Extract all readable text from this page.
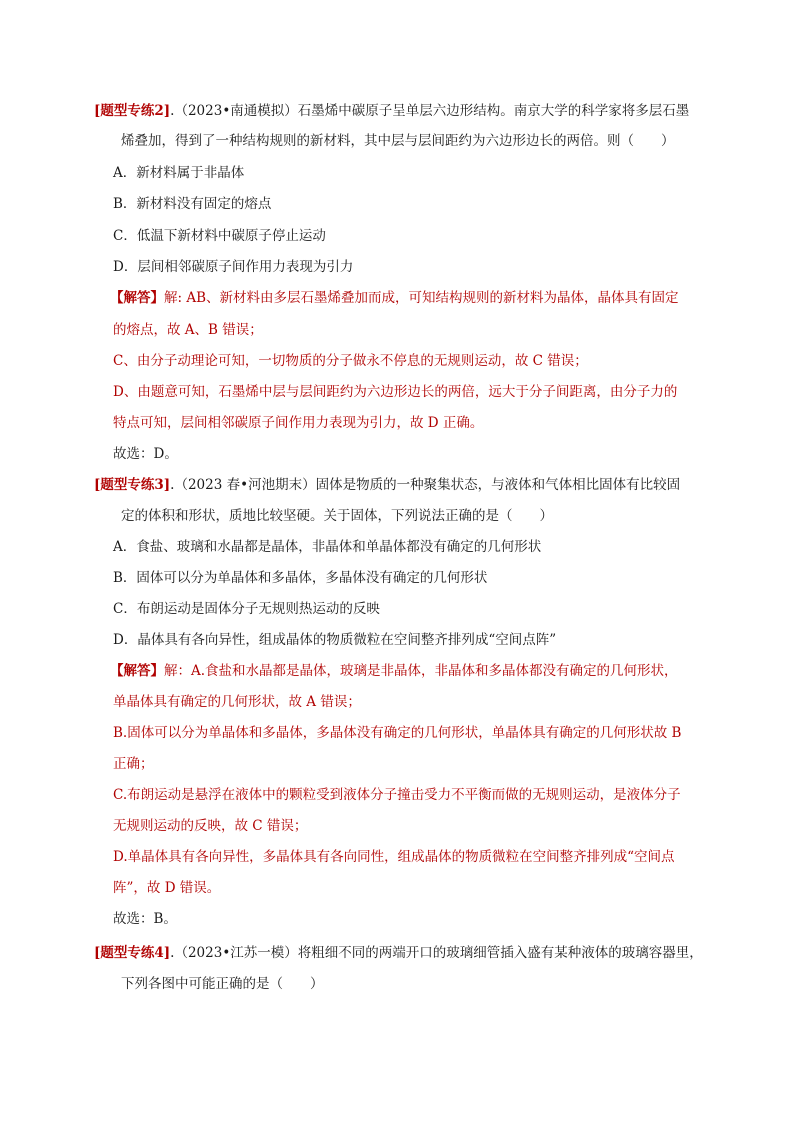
[题型专练2].（2023•南通模拟）石墨烯中碳原子呈单层六边形结构。南京大学的科学家将多层石墨
烯叠加，得到了一种结构规则的新材料，其中层与层间距约为六边形边长的两倍。则（　　）
A．新材料属于非晶体
B．新材料没有固定的熔点
C．低温下新材料中碳原子停止运动
D．层间相邻碳原子间作用力表现为引力
【解答】解: AB、新材料由多层石墨烯叠加而成，可知结构规则的新材料为晶体，晶体具有固定
的熔点，故 A、B 错误；
C、由分子动理论可知，一切物质的分子做永不停息的无规则运动，故 C 错误；
D、由题意可知，石墨烯中层与层间距约为六边形边长的两倍，远大于分子间距离，由分子力的
特点可知，层间相邻碳原子间作用力表现为引力，故 D 正确。
故选：D。
[题型专练3].（2023 春•河池期末）固体是物质的一种聚集状态，与液体和气体相比固体有比较固
定的体积和形状，质地比较坚硬。关于固体，下列说法正确的是（　　）
A．食盐、玻璃和水晶都是晶体，非晶体和单晶体都没有确定的几何形状
B．固体可以分为单晶体和多晶体，多晶体没有确定的几何形状
C．布朗运动是固体分子无规则热运动的反映
D．晶体具有各向异性，组成晶体的物质微粒在空间整齐排列成“空间点阵”
【解答】解：A.食盐和水晶都是晶体，玻璃是非晶体，非晶体和多晶体都没有确定的几何形状，
单晶体具有确定的几何形状，故 A 错误；
B.固体可以分为单晶体和多晶体，多晶体没有确定的几何形状，单晶体具有确定的几何形状故 B
正确；
C.布朗运动是悬浮在液体中的颗粒受到液体分子撞击受力不平衡而做的无规则运动，是液体分子
无规则运动的反映，故 C 错误；
D.单晶体具有各向异性，多晶体具有各向同性，组成晶体的物质微粒在空间整齐排列成“空间点
阵”，故 D 错误。
故选：B。
[题型专练4].（2023•江苏一模）将粗细不同的两端开口的玻璃细管插入盛有某种液体的玻璃容器里，
下列各图中可能正确的是（　　）
